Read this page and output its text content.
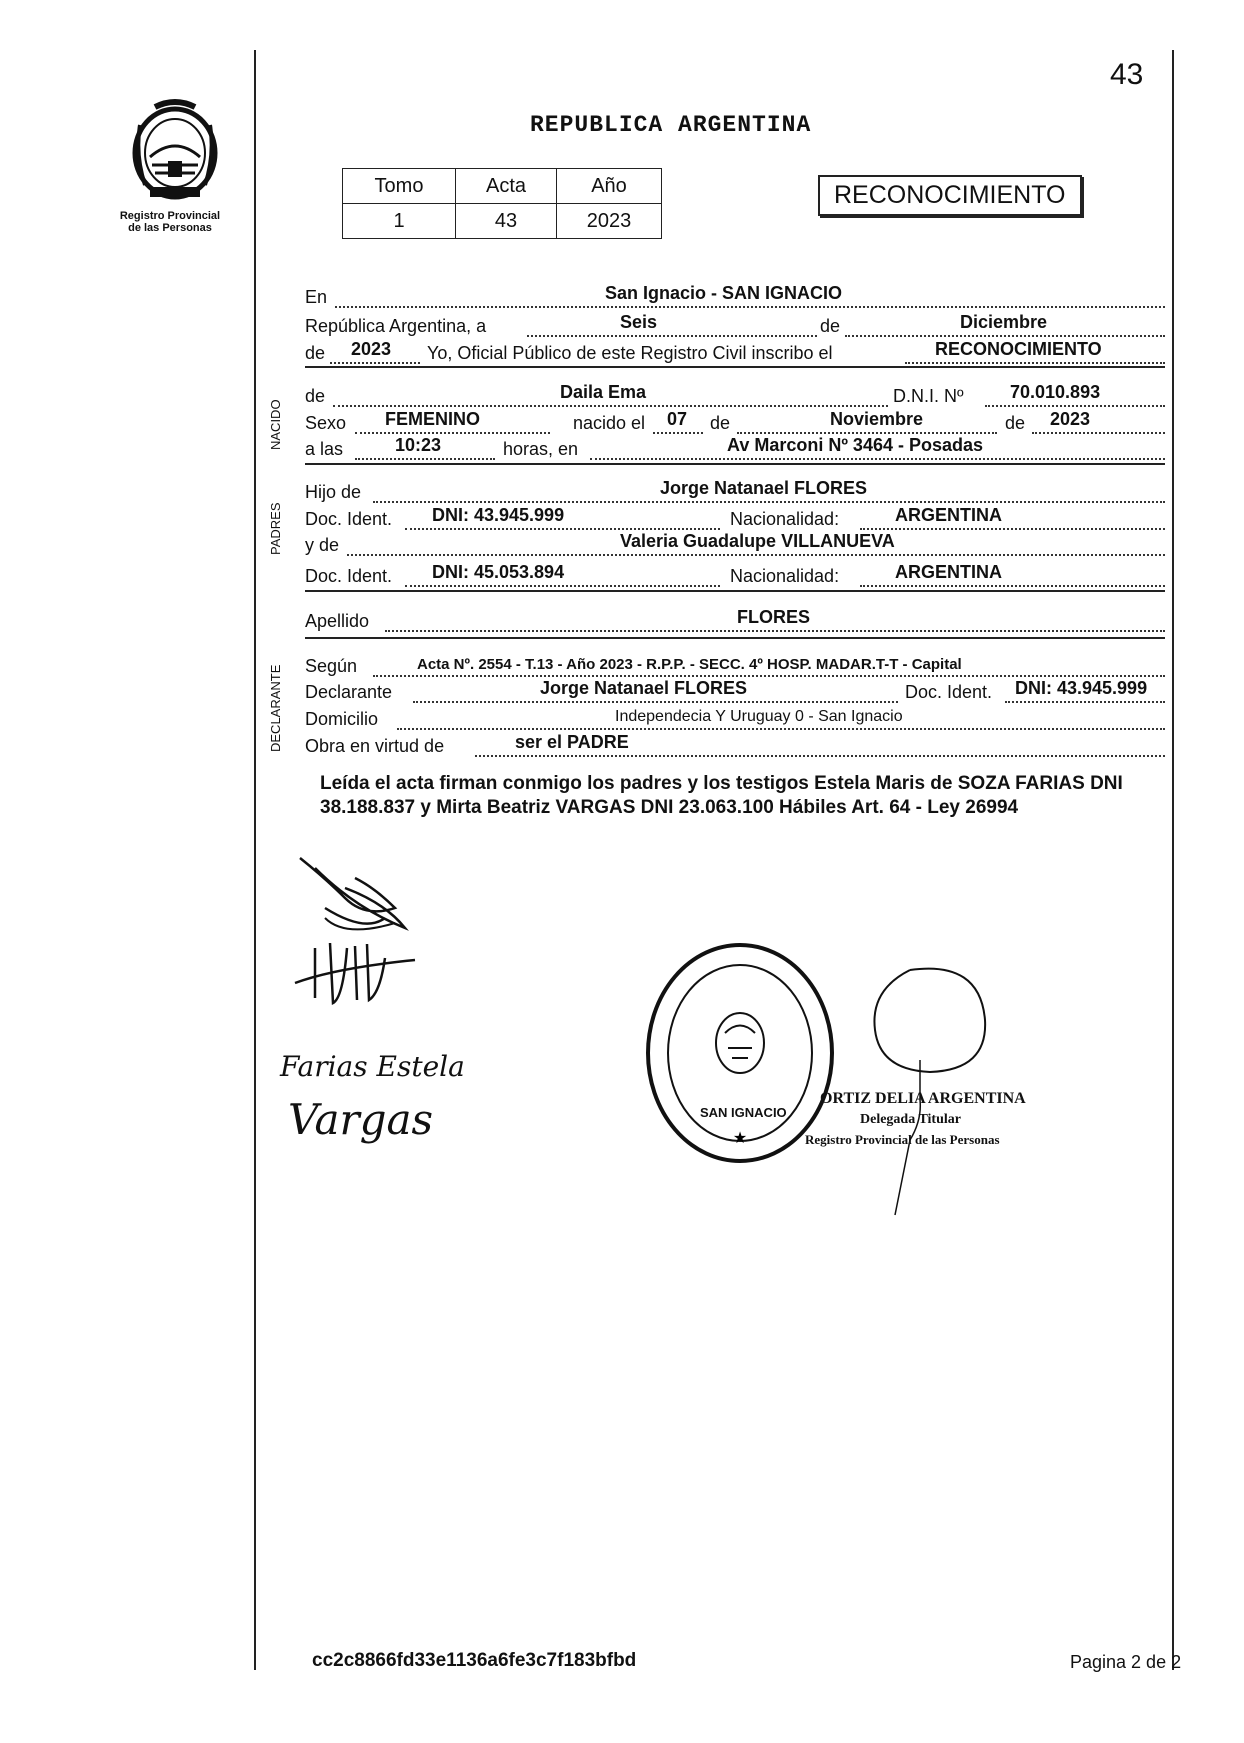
43
Registro Provincial
de las Personas
REPUBLICA ARGENTINA
Tomo	Acta	Año
1	43	2023
RECONOCIMIENTO
En	San Ignacio - SAN IGNACIO
República Argentina, a	Seis	de	Diciembre
de 2023 Yo, Oficial Público de este Registro Civil inscribo el	RECONOCIMIENTO
NACIDO
de	Daila Ema	D.N.I. Nº	70.010.893
Sexo FEMENINO	nacido el 07 de	Noviembre	de 2023
a las	10:23	horas, en	Av Marconi Nº 3464 - Posadas
PADRES
Hijo de	Jorge Natanael FLORES
Doc. Ident. DNI: 43.945.999	Nacionalidad:	ARGENTINA
y de	Valeria Guadalupe VILLANUEVA
Doc. Ident. DNI: 45.053.894	Nacionalidad:	ARGENTINA
Apellido	FLORES
DECLARANTE Según	Acta Nº. 2554 - T.13 - Año 2023 - R.P.P. - SECC. 4º HOSP. MADAR.T-T - Capital
Declarante	Jorge Natanael FLORES	Doc. Ident. DNI: 43.945.999
Domicilio	Independecia Y Uruguay 0 - San Ignacio
Obra en virtud de	ser el PADRE
Leída el acta firman conmigo los padres y los testigos Estela Maris de SOZA FARIAS DNI 38.188.837 y Mirta Beatriz VARGAS DNI 23.063.100 Hábiles Art. 64 - Ley 26994
Farias Estela
Vargas	★
SAN IGNACIO
ORTIZ DELIA ARGENTINA
Delegada Titular
Registro Provincial de las Personas
cc2c8866fd33e1136a6fe3c7f183bfbd	Pagina 2 de 2
